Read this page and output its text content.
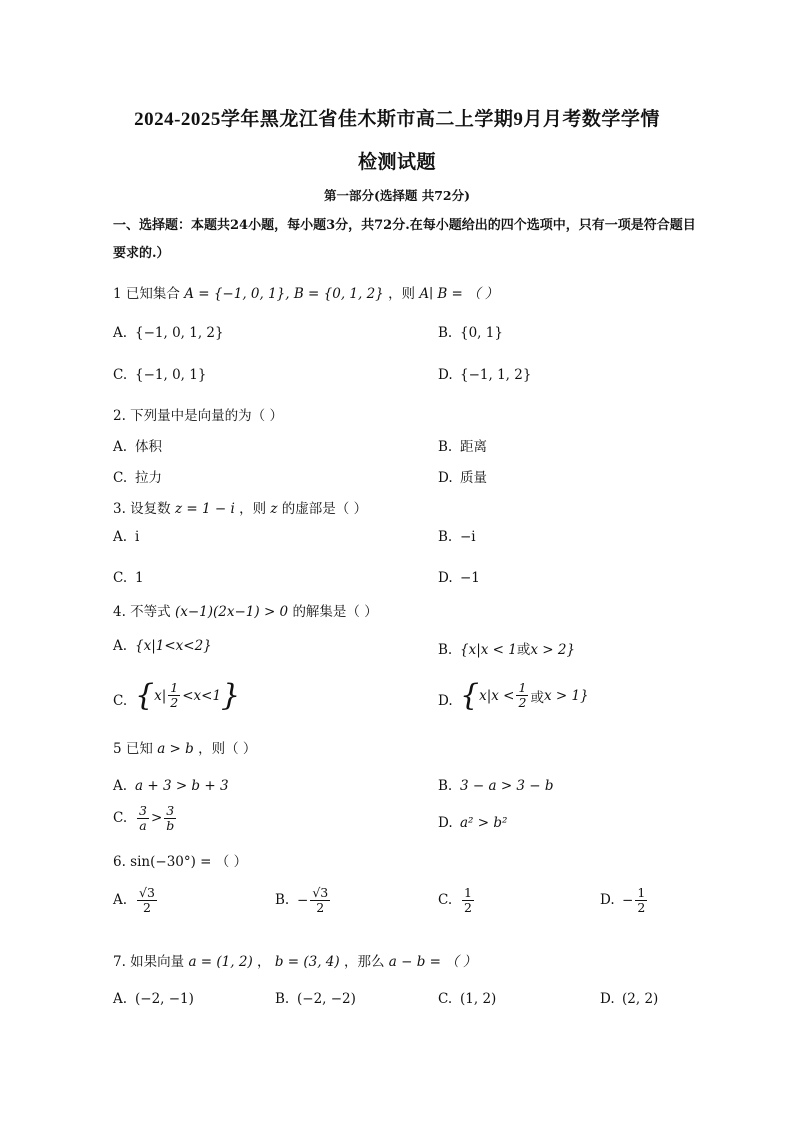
2024-2025学年黑龙江省佳木斯市高二上学期9月月考数学学情
检测试题
第一部分(选择题 共72分)
一、选择题：本题共24小题，每小题3分，共72分.在每小题给出的四个选项中，只有一项是符合题目要求的.）
1 已知集合 A = {−1, 0, 1}, B = {0, 1, 2} ，则 A∣ B = （ ）
A. {−1, 0, 1, 2}	B. {0, 1}
C. {−1, 0, 1}	D. {−1, 1, 2}
2. 下列量中是向量的为（ ）
A. 体积	B. 距离
C. 拉力	D. 质量
3. 设复数 z = 1 − i ，则 z 的虚部是（ ）
A. i	B. −i
C. 1	D. −1
4. 不等式 (x−1)(2x−1) > 0 的解集是（ ）
A. {x|1<x<2}	B. {x|x < 1或x > 2}
C. { $x| \frac{1}{2} <x<1$ }	D. { $x|x < \frac{1}{2}$ 或 x > 1 }
5 已知 a > b ，则（ ）
A. a + 3 > b + 3	B. 3 − a > 3 − b
C. $\frac{3}{a} > \frac{3}{b}$	D. a² > b²
6. sin(−30°) = （ ）
A. $\frac{√3}{2}$	B. − $\frac{√3}{2}$	C. $\frac{1}{2}$	D. − $\frac{1}{2}$
7. 如果向量 a = (1, 2) ， b = (3, 4) ，那么 a − b = （ ）
A. (−2, −1)	B. (−2, −2)	C. (1, 2)	D. (2, 2)
